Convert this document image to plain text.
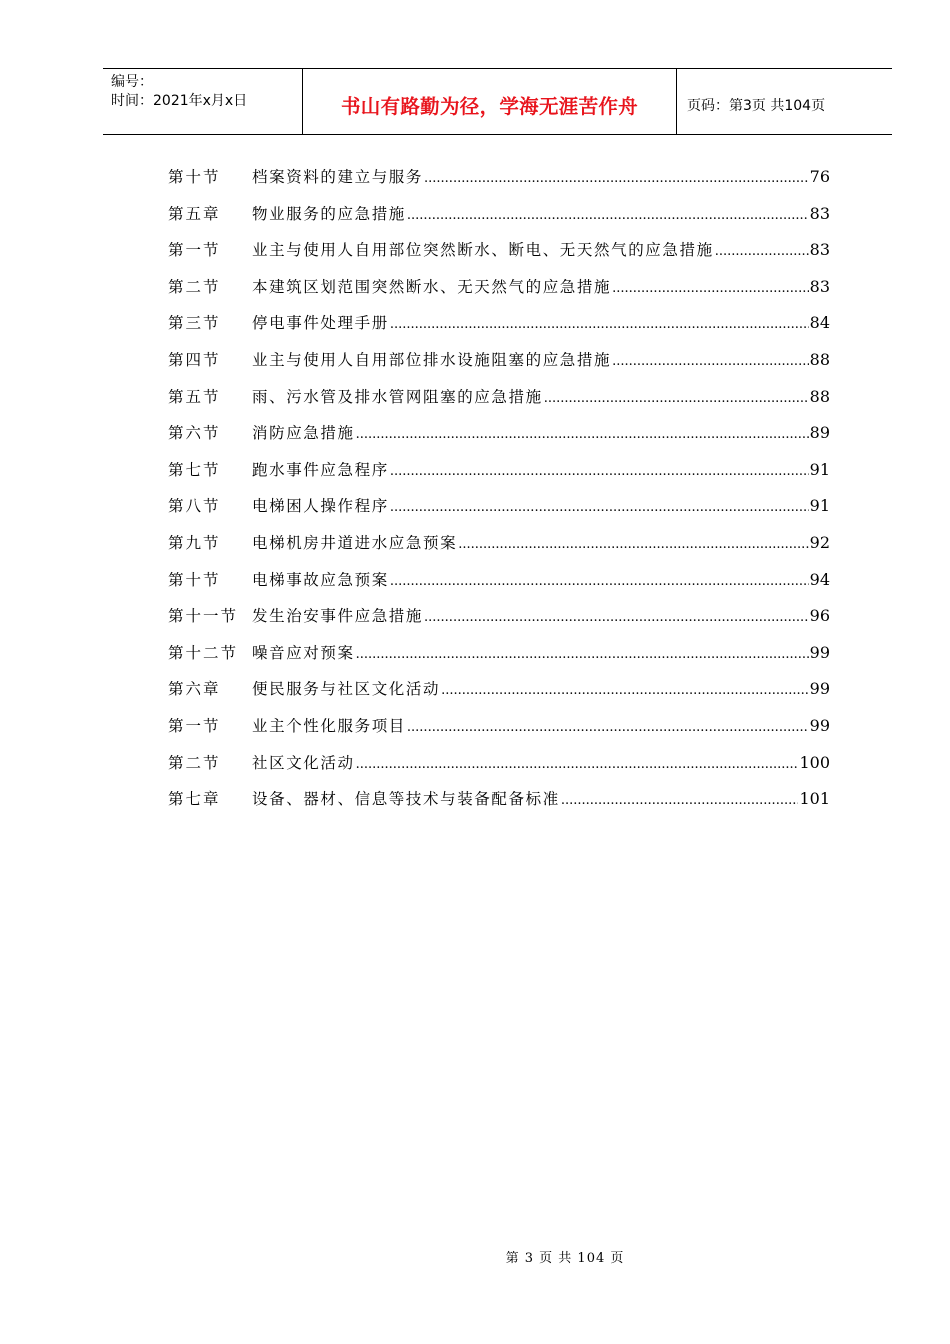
编号：
时间：2021年x月x日	书山有路勤为径，学海无涯苦作舟	页码：第3页 共104页
第十节	档案资料的建立与服务 .....	76
第五章	物业服务的应急措施 .....	83
第一节	业主与使用人自用部位突然断水、断电、无天然气的应急措施 .....	83
第二节	本建筑区划范围突然断水、无天然气的应急措施 .....	83
第三节	停电事件处理手册 .....	84
第四节	业主与使用人自用部位排水设施阻塞的应急措施 .....	88
第五节	雨、污水管及排水管网阻塞的应急措施 .....	88
第六节	消防应急措施 .....	89
第七节	跑水事件应急程序 .....	91
第八节	电梯困人操作程序 .....	91
第九节	电梯机房井道进水应急预案 .....	92
第十节	电梯事故应急预案 .....	94
第十一节 发生治安事件应急措施 .....	96
第十二节 噪音应对预案 .....	99
第六章	便民服务与社区文化活动 .....	99
第一节	业主个性化服务项目 .....	99
第二节	社区文化活动 .....	100
第七章	设备、器材、信息等技术与装备配备标准 .....	101
第 3 页 共 104 页
